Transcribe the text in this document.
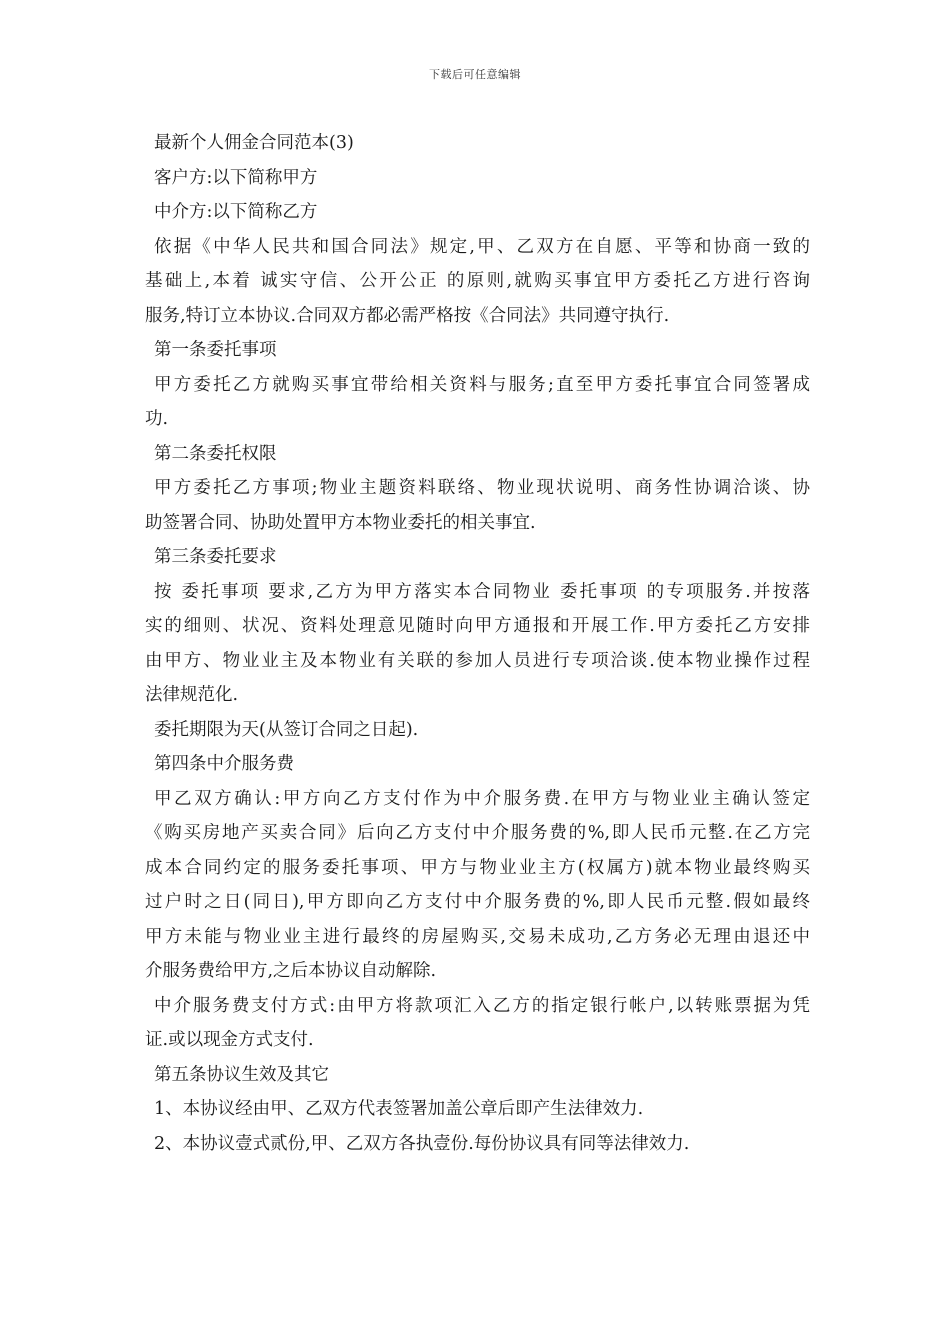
下载后可任意编辑
最新个人佣金合同范本(3)
客户方:以下简称甲方
中介方:以下简称乙方
依据《中华人民共和国合同法》规定,甲、乙双方在自愿、平等和协商一致的
基础上,本着 诚实守信、公开公正 的原则,就购买事宜甲方委托乙方进行咨询
服务,特订立本协议.合同双方都必需严格按《合同法》共同遵守执行.
第一条委托事项
甲方委托乙方就购买事宜带给相关资料与服务;直至甲方委托事宜合同签署成
功.
第二条委托权限
甲方委托乙方事项;物业主题资料联络、物业现状说明、商务性协调洽谈、协
助签署合同、协助处置甲方本物业委托的相关事宜.
第三条委托要求
按 委托事项 要求,乙方为甲方落实本合同物业 委托事项 的专项服务.并按落
实的细则、状况、资料处理意见随时向甲方通报和开展工作.甲方委托乙方安排
由甲方、物业业主及本物业有关联的参加人员进行专项洽谈.使本物业操作过程
法律规范化.
委托期限为天(从签订合同之日起).
第四条中介服务费
甲乙双方确认:甲方向乙方支付作为中介服务费.在甲方与物业业主确认签定
《购买房地产买卖合同》后向乙方支付中介服务费的%,即人民币元整.在乙方完
成本合同约定的服务委托事项、甲方与物业业主方(权属方)就本物业最终购买
过户时之日(同日),甲方即向乙方支付中介服务费的%,即人民币元整.假如最终
甲方未能与物业业主进行最终的房屋购买,交易未成功,乙方务必无理由退还中
介服务费给甲方,之后本协议自动解除.
中介服务费支付方式:由甲方将款项汇入乙方的指定银行帐户,以转账票据为凭
证.或以现金方式支付.
第五条协议生效及其它
1、本协议经由甲、乙双方代表签署加盖公章后即产生法律效力.
2、本协议壹式贰份,甲、乙双方各执壹份.每份协议具有同等法律效力.
